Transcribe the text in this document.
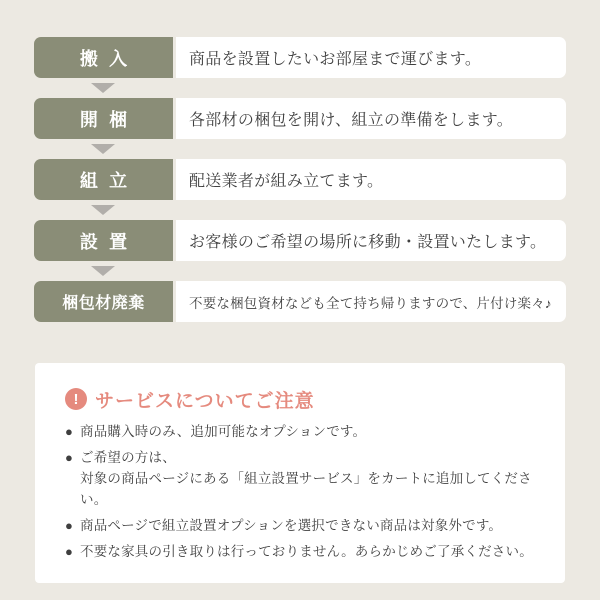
搬入	商品を設置したいお部屋まで運びます。
開梱	各部材の梱包を開け、組立の準備をします。
組立	配送業者が組み立てます。
設置	お客様のご希望の場所に移動・設置いたします。
梱包材廃棄	不要な梱包資材なども全て持ち帰りますので、片付け楽々♪
! サービスについてご注意
● 商品購入時のみ、追加可能なオプションです。
● ご希望の方は、
対象の商品ページにある「組立設置サービス」をカートに追加してください。
● 商品ページで組立設置オプションを選択できない商品は対象外です。
● 不要な家具の引き取りは行っておりません。あらかじめご了承ください。
